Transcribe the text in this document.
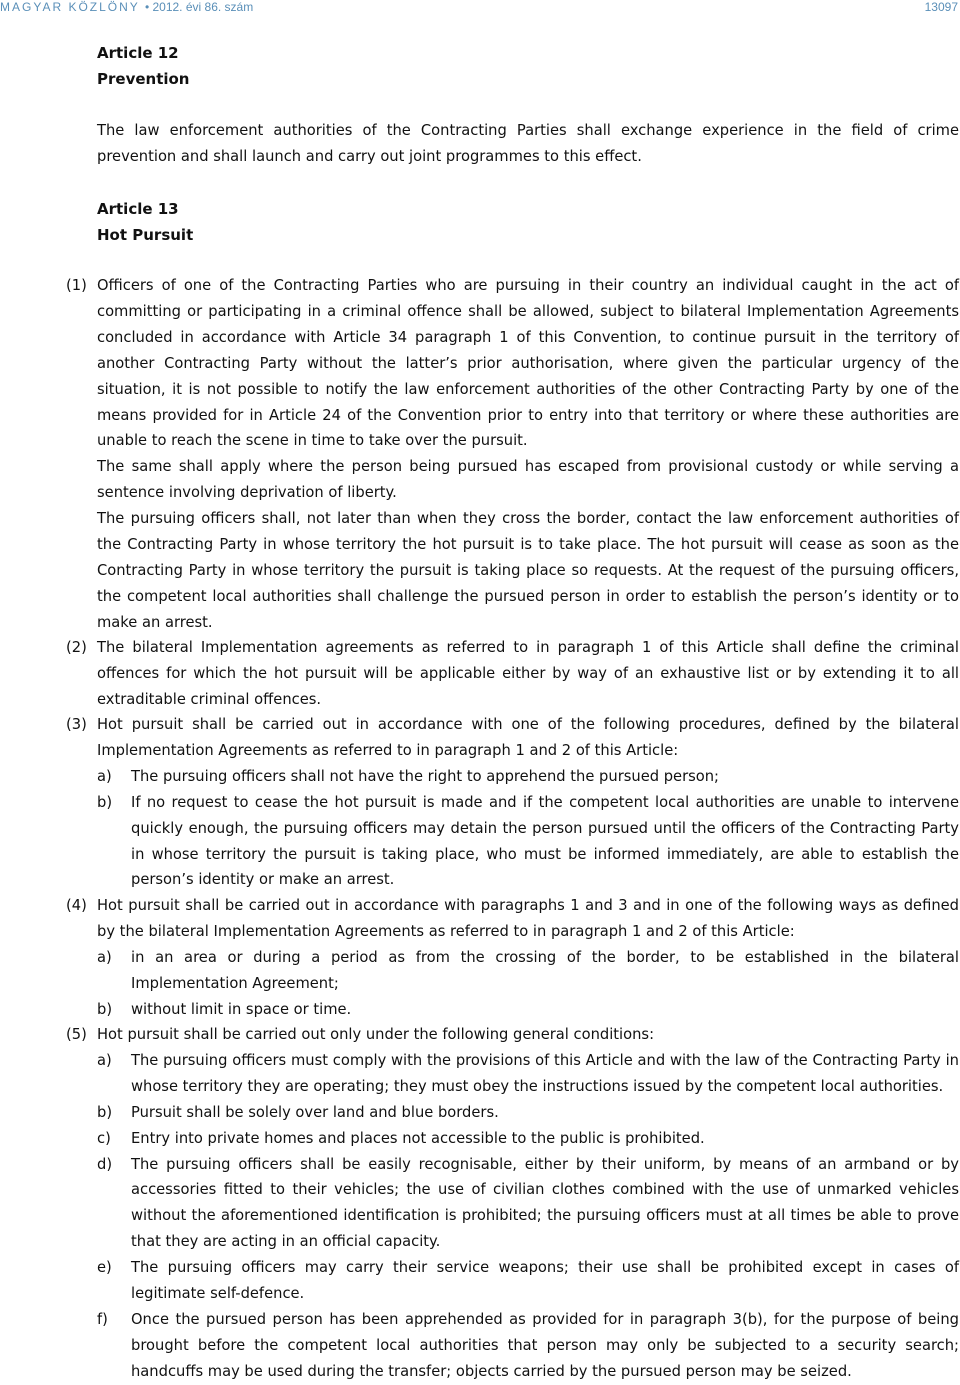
MAGYAR KÖZLÖNY • 2012. évi 86. szám	13097
Article 12
Prevention
The law enforcement authorities of the Contracting Parties shall exchange experience in the field of crime prevention and shall launch and carry out joint programmes to this effect.
Article 13
Hot Pursuit
(1) Officers of one of the Contracting Parties who are pursuing in their country an individual caught in the act of committing or participating in a criminal offence shall be allowed, subject to bilateral Implementation Agreements concluded in accordance with Article 34 paragraph 1 of this Convention, to continue pursuit in the territory of another Contracting Party without the latter’s prior authorisation, where given the particular urgency of the situation, it is not possible to notify the law enforcement authorities of the other Contracting Party by one of the means provided for in Article 24 of the Convention prior to entry into that territory or where these authorities are unable to reach the scene in time to take over the pursuit.

The same shall apply where the person being pursued has escaped from provisional custody or while serving a sentence involving deprivation of liberty.

The pursuing officers shall, not later than when they cross the border, contact the law enforcement authorities of the Contracting Party in whose territory the hot pursuit is to take place. The hot pursuit will cease as soon as the Contracting Party in whose territory the pursuit is taking place so requests. At the request of the pursuing officers, the competent local authorities shall challenge the pursued person in order to establish the person’s identity or to make an arrest.

(2) The bilateral Implementation agreements as referred to in paragraph 1 of this Article shall define the criminal offences for which the hot pursuit will be applicable either by way of an exhaustive list or by extending it to all extraditable criminal offences.

(3) Hot pursuit shall be carried out in accordance with one of the following procedures, defined by the bilateral Implementation Agreements as referred to in paragraph 1 and 2 of this Article:

a) The pursuing officers shall not have the right to apprehend the pursued person;

b) If no request to cease the hot pursuit is made and if the competent local authorities are unable to intervene quickly enough, the pursuing officers may detain the person pursued until the officers of the Contracting Party in whose territory the pursuit is taking place, who must be informed immediately, are able to establish the person’s identity or make an arrest.

(4) Hot pursuit shall be carried out in accordance with paragraphs 1 and 3 and in one of the following ways as defined by the bilateral Implementation Agreements as referred to in paragraph 1 and 2 of this Article:

a) in an area or during a period as from the crossing of the border, to be established in the bilateral Implementation Agreement;

b) without limit in space or time.

(5) Hot pursuit shall be carried out only under the following general conditions:

a) The pursuing officers must comply with the provisions of this Article and with the law of the Contracting Party in whose territory they are operating; they must obey the instructions issued by the competent local authorities.

b) Pursuit shall be solely over land and blue borders.

c) Entry into private homes and places not accessible to the public is prohibited.

d) The pursuing officers shall be easily recognisable, either by their uniform, by means of an armband or by accessories fitted to their vehicles; the use of civilian clothes combined with the use of unmarked vehicles without the aforementioned identification is prohibited; the pursuing officers must at all times be able to prove that they are acting in an official capacity.

e) The pursuing officers may carry their service weapons; their use shall be prohibited except in cases of legitimate self-defence.

f) Once the pursued person has been apprehended as provided for in paragraph 3(b), for the purpose of being brought before the competent local authorities that person may only be subjected to a security search; handcuffs may be used during the transfer; objects carried by the pursued person may be seized.
